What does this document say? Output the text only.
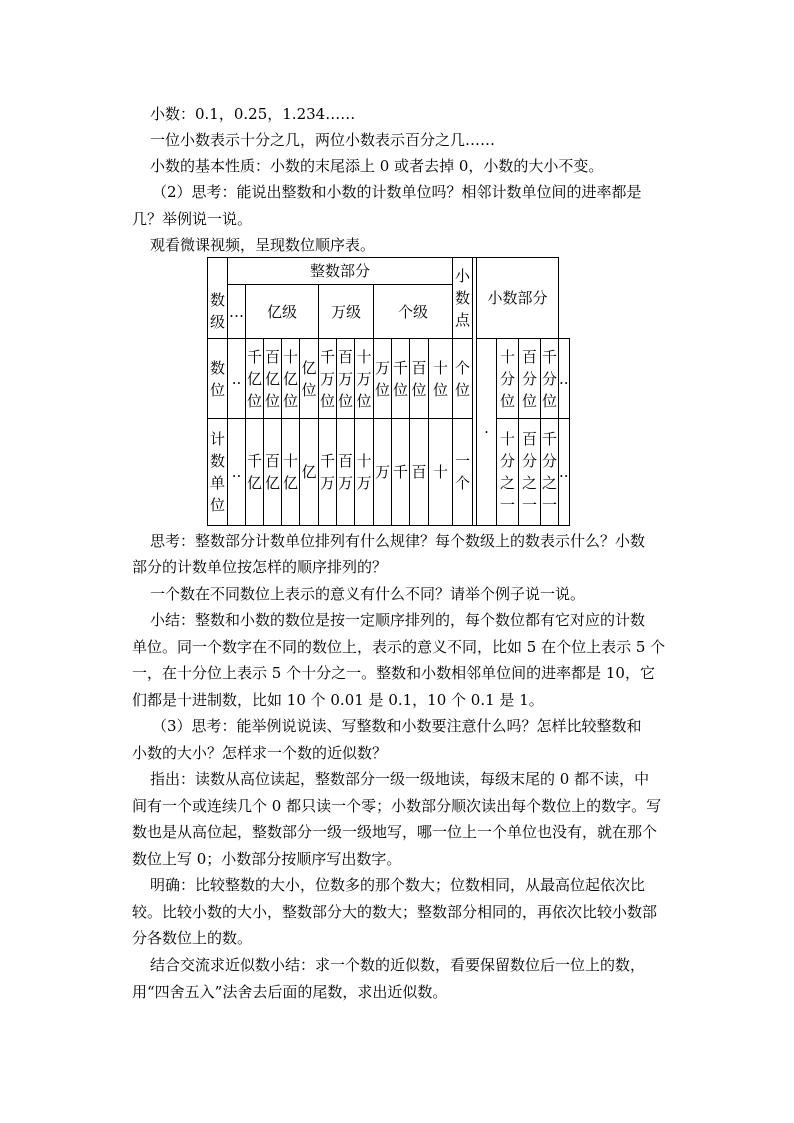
小数：0.1，0.25，1.234……

一位小数表示十分之几，两位小数表示百分之几……

小数的基本性质：小数的末尾添上 0 或者去掉 0，小数的大小不变。

（2）思考：能说出整数和小数的计数单位吗？相邻计数单位间的进率都是

几？举例说一说。

观看微课视频，呈现数位顺序表。

	整数部分												小数点		小数部分				
数级	…	亿级				万级			个级										
数位	..	千亿位	百亿位	十亿位	亿位	千万位	百万位	十万位	万位	千位	百位	十位	个位		·	十分位	百分位	千分位	..
计数单位	..	千亿	百亿	十亿	亿	千万	百万	十万	万	千	百	十	一个			十分之一	百分之一	千分之一	..

思考：整数部分计数单位排列有什么规律？每个数级上的数表示什么？小数

部分的计数单位按怎样的顺序排列的？

一个数在不同数位上表示的意义有什么不同？请举个例子说一说。

小结：整数和小数的数位是按一定顺序排列的，每个数位都有它对应的计数

单位。同一个数字在不同的数位上，表示的意义不同，比如 5 在个位上表示 5 个

一，在十分位上表示 5 个十分之一。整数和小数相邻单位间的进率都是 10，它

们都是十进制数，比如 10 个 0.01 是 0.1，10 个 0.1 是 1。

（3）思考：能举例说说读、写整数和小数要注意什么吗？怎样比较整数和

小数的大小？怎样求一个数的近似数？

指出：读数从高位读起，整数部分一级一级地读，每级末尾的 0 都不读，中

间有一个或连续几个 0 都只读一个零；小数部分顺次读出每个数位上的数字。写

数也是从高位起，整数部分一级一级地写，哪一位上一个单位也没有，就在那个

数位上写 0；小数部分按顺序写出数字。

明确：比较整数的大小，位数多的那个数大；位数相同，从最高位起依次比

较。比较小数的大小，整数部分大的数大；整数部分相同的，再依次比较小数部

分各数位上的数。

结合交流求近似数小结：求一个数的近似数，看要保留数位后一位上的数，

用“四舍五入”法舍去后面的尾数，求出近似数。
